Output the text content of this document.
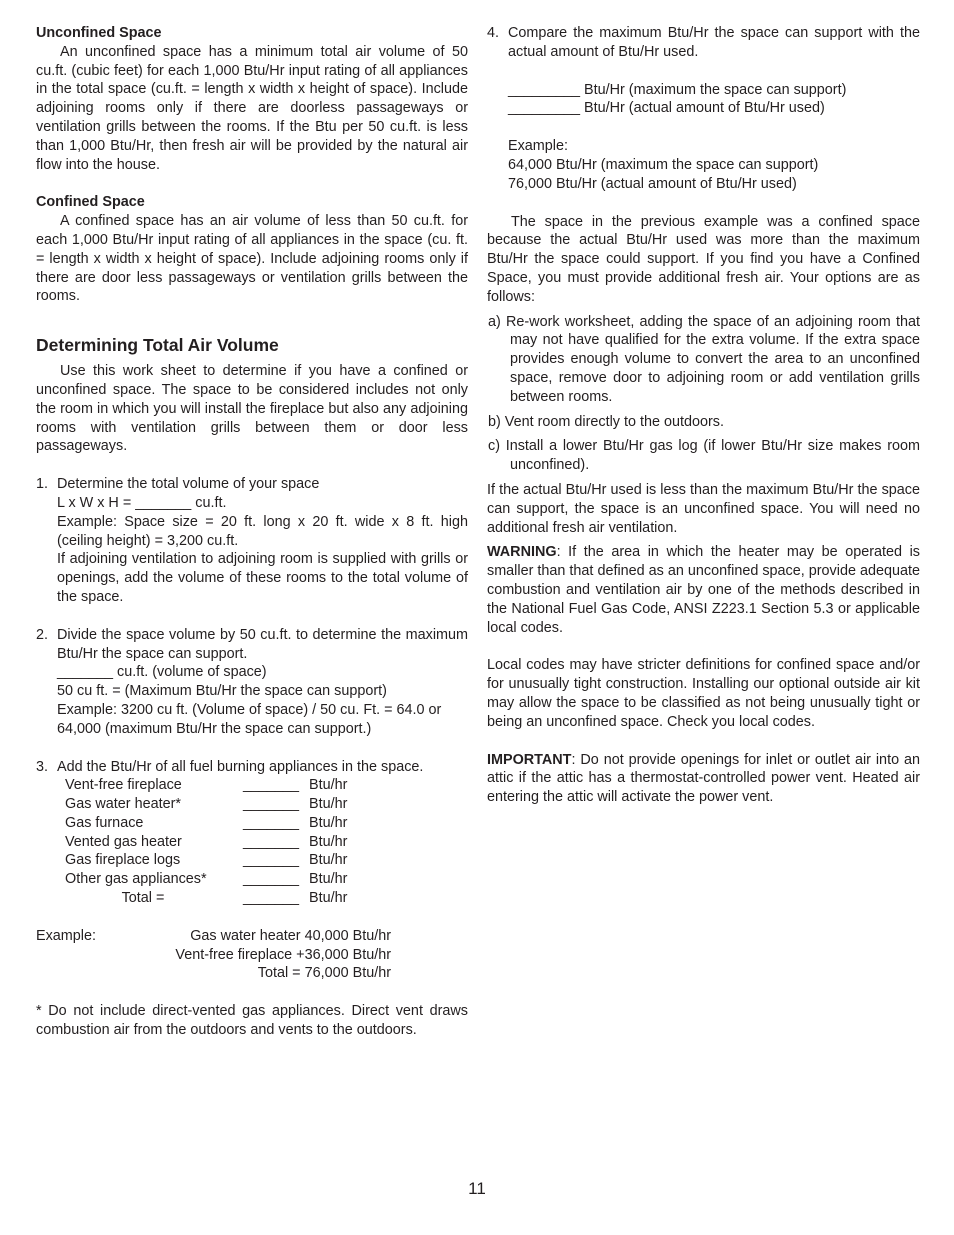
Unconfined Space

An unconfined space has a minimum total air volume of 50 cu.ft. (cubic feet) for each 1,000 Btu/Hr input rating of all appliances in the total space (cu.ft. = length x width x height of space). Include adjoining rooms only if there are doorless passageways or ventilation grills between the rooms. If the Btu per 50 cu.ft. is less than 1,000 Btu/Hr, then fresh air will be provided by the natural air flow into the house.

Confined Space

A confined space has an air volume of less than 50 cu.ft. for each 1,000 Btu/Hr input rating of all appliances in the space (cu. ft. = length x width x height of space). Include adjoining rooms only if there are door less passageways or ventilation grills between the rooms.

Determining Total Air Volume

Use this work sheet to determine if you have a confined or unconfined space. The space to be considered includes not only the room in which you will install the fireplace but also any adjoining rooms with ventilation grills between them or door less passageways.

1. Determine the total volume of your space

L x W x H = _______ cu.ft.

Example: Space size = 20 ft. long x 20 ft. wide x 8 ft. high (ceiling height) = 3,200 cu.ft.

If adjoining ventilation to adjoining room is supplied with grills or openings, add the volume of these rooms to the total volume of the space.

2. Divide the space volume by 50 cu.ft. to determine the maximum Btu/Hr the space can support.

_______ cu.ft. (volume of space)

50 cu ft. = (Maximum Btu/Hr the space can support)

Example: 3200 cu ft. (Volume of space) / 50 cu. Ft. = 64.0 or 64,000 (maximum Btu/Hr the space can support.)

3. Add the Btu/Hr of all fuel burning appliances in the space.

Vent-free fireplace	_______ Btu/hr
Gas water heater*	_______ Btu/hr
Gas furnace	_______ Btu/hr
Vented gas heater	_______ Btu/hr
Gas fireplace logs	_______ Btu/hr
Other gas appliances*	_______ Btu/hr
Total =	_______ Btu/hr
Example:	Gas water heater 40,000 Btu/hr
Vent-free fireplace +36,000 Btu/hr
Total = 76,000 Btu/hr

* Do not include direct-vented gas appliances. Direct vent draws combustion air from the outdoors and vents to the outdoors.

4. Compare the maximum Btu/Hr the space can support with the actual amount of Btu/Hr used.

_________ Btu/Hr (maximum the space can support)

_________ Btu/Hr (actual amount of Btu/Hr used)

Example:

64,000 Btu/Hr (maximum the space can support)

76,000 Btu/Hr (actual amount of Btu/Hr used)

The space in the previous example was a confined space because the actual Btu/Hr used was more than the maximum Btu/Hr the space could support. If you find you have a Confined Space, you must provide additional fresh air. Your options are as follows:

a) Re-work worksheet, adding the space of an adjoining room that may not have qualified for the extra volume. If the extra space provides enough volume to convert the area to an unconfined space, remove door to adjoining room or add ventilation grills between rooms.

b) Vent room directly to the outdoors.

c) Install a lower Btu/Hr gas log (if lower Btu/Hr size makes room unconfined).

If the actual Btu/Hr used is less than the maximum Btu/Hr the space can support, the space is an unconfined space. You will need no additional fresh air ventilation.

WARNING: If the area in which the heater may be operated is smaller than that defined as an unconfined space, provide adequate combustion and ventilation air by one of the methods described in the National Fuel Gas Code, ANSI Z223.1 Section 5.3 or applicable local codes.

Local codes may have stricter definitions for confined space and/or for unusually tight construction. Installing our optional outside air kit may allow the space to be classified as not being unusually tight or being an unconfined space. Check you local codes.

IMPORTANT: Do not provide openings for inlet or outlet air into an attic if the attic has a thermostat-controlled power vent. Heated air entering the attic will activate the power vent.

11
